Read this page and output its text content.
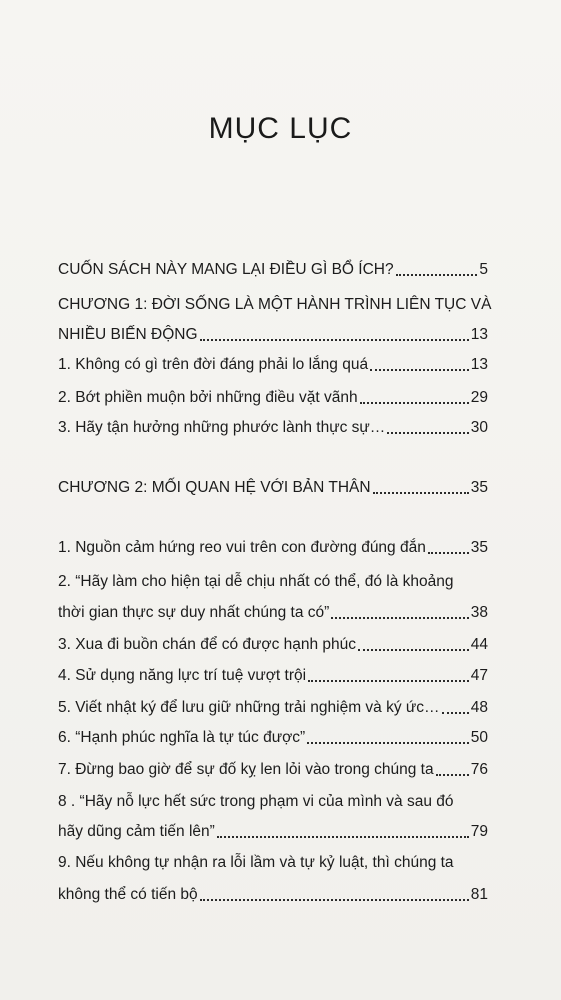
MỤC LỤC
CUỐN SÁCH NÀY MANG LẠI ĐIỀU GÌ BỔ ÍCH?	5
CHƯƠNG 1: ĐỜI SỐNG LÀ MỘT HÀNH TRÌNH LIÊN TỤC VÀ
NHIỀU BIẾN ĐỘNG	13
1. Không có gì trên đời đáng phải lo lắng quá	13
2. Bớt phiền muộn bởi những điều vặt vãnh	29
3. Hãy tận hưởng những phước lành thực sự…	30
CHƯƠNG 2: MỐI QUAN HỆ VỚI BẢN THÂN	35
1. Nguồn cảm hứng reo vui trên con đường đúng đắn	35
2. “Hãy làm cho hiện tại dễ chịu nhất có thể, đó là khoảng
thời gian thực sự duy nhất chúng ta có”	38
3. Xua đi buồn chán để có được hạnh phúc	44
4. Sử dụng năng lực trí tuệ vượt trội	47
5. Viết nhật ký để lưu giữ những trải nghiệm và ký ức… 48
6. “Hạnh phúc nghĩa là tự túc được”	50
7. Đừng bao giờ để sự đố kỵ len lỏi vào trong chúng ta 76
8 . “Hãy nỗ lực hết sức trong phạm vi của mình và sau đó
hãy dũng cảm tiến lên”	79
9. Nếu không tự nhận ra lỗi lầm và tự kỷ luật, thì chúng ta
không thể có tiến bộ	81
